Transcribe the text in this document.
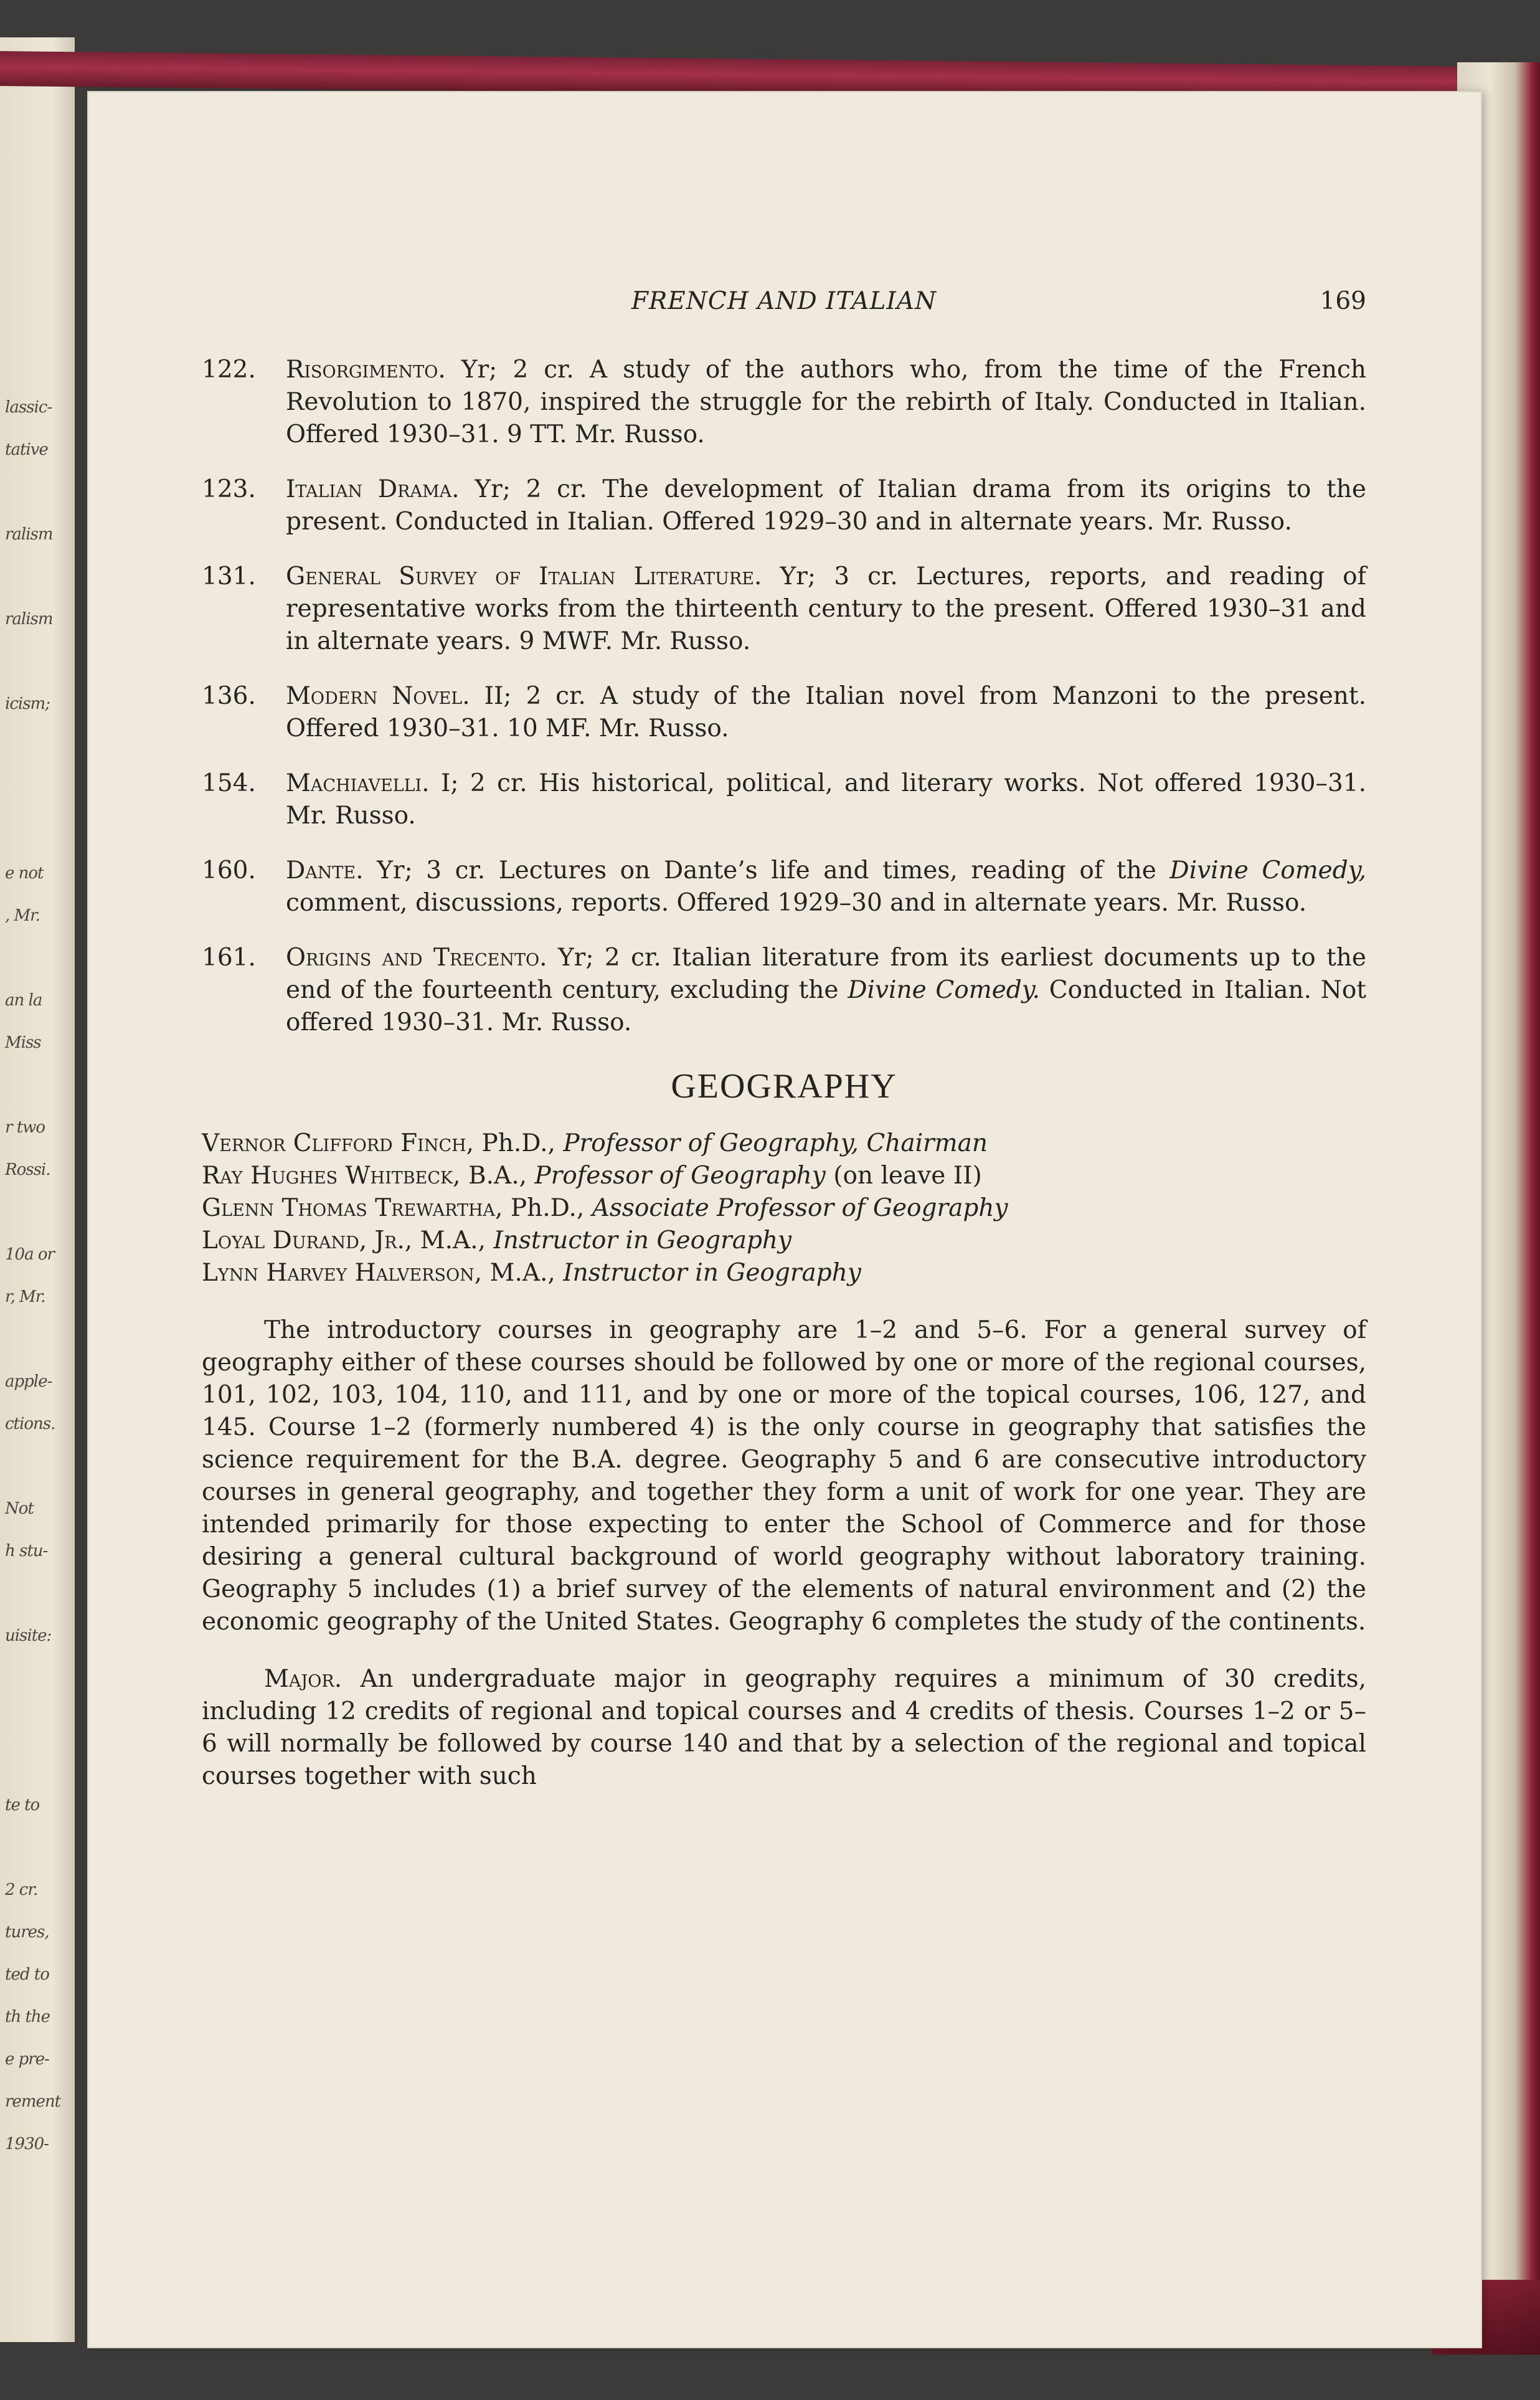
lassic-
tative

ralism

ralism

icism;

e not
, Mr.

an la
Miss

r two
Rossi.

10a or
r, Mr.

apple-
ctions.

Not
h stu-

uisite:

te to

2 cr.
tures,
ted to
th the
e pre-
rement
1930-
FRENCH AND ITALIAN	169
122.	Risorgimento. Yr; 2 cr. A study of the authors who, from the time of the French Revolution to 1870, inspired the struggle for the rebirth of Italy. Conducted in Italian. Offered 1930–31. 9 TT. Mr. Russo.
123.	Italian Drama. Yr; 2 cr. The development of Italian drama from its origins to the present. Conducted in Italian. Offered 1929–30 and in alternate years. Mr. Russo.
131.	General Survey of Italian Literature. Yr; 3 cr. Lectures, reports, and reading of representative works from the thirteenth century to the present. Offered 1930–31 and in alternate years. 9 MWF. Mr. Russo.
136.	Modern Novel. II; 2 cr. A study of the Italian novel from Manzoni to the present. Offered 1930–31. 10 MF. Mr. Russo.
154.	Machiavelli. I; 2 cr. His historical, political, and literary works. Not offered 1930–31. Mr. Russo.
160.	Dante. Yr; 3 cr. Lectures on Dante’s life and times, reading of the Divine Comedy, comment, discussions, reports. Offered 1929–30 and in alternate years. Mr. Russo.
161.	Origins and Trecento. Yr; 2 cr. Italian literature from its earliest documents up to the end of the fourteenth century, excluding the Divine Comedy. Conducted in Italian. Not offered 1930–31. Mr. Russo.
GEOGRAPHY
Vernor Clifford Finch, Ph.D., Professor of Geography, Chairman
Ray Hughes Whitbeck, B.A., Professor of Geography (on leave II)
Glenn Thomas Trewartha, Ph.D., Associate Professor of Geography
Loyal Durand, Jr., M.A., Instructor in Geography
Lynn Harvey Halverson, M.A., Instructor in Geography

The introductory courses in geography are 1–2 and 5–6. For a general survey of geography either of these courses should be followed by one or more of the regional courses, 101, 102, 103, 104, 110, and 111, and by one or more of the topical courses, 106, 127, and 145. Course 1–2 (formerly numbered 4) is the only course in geography that satisfies the science requirement for the B.A. degree. Geography 5 and 6 are consecutive introductory courses in general geography, and together they form a unit of work for one year. They are intended primarily for those expecting to enter the School of Commerce and for those desiring a general cultural background of world geography without laboratory training. Geography 5 includes (1) a brief survey of the elements of natural environment and (2) the economic geography of the United States. Geography 6 completes the study of the continents.

Major. An undergraduate major in geography requires a minimum of 30 credits, including 12 credits of regional and topical courses and 4 credits of thesis. Courses 1–2 or 5–6 will normally be followed by course 140 and that by a selection of the regional and topical courses together with such
